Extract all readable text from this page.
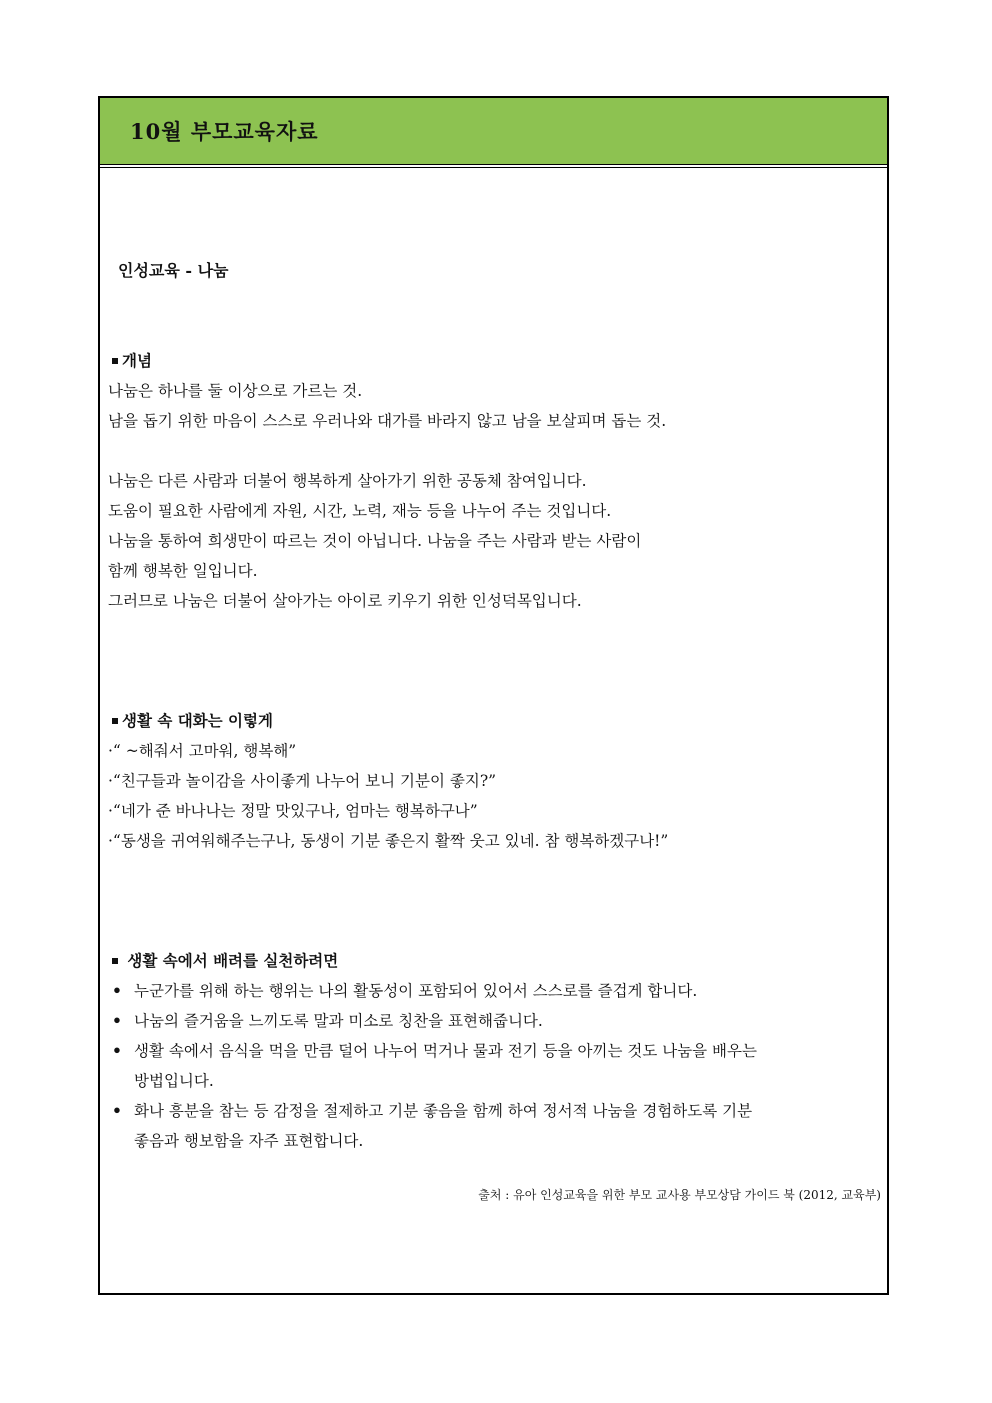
10월 부모교육자료
인성교육 - 나눔
개념
나눔은 하나를 둘 이상으로 가르는 것.
남을 돕기 위한 마음이 스스로 우러나와 대가를 바라지 않고 남을 보살피며 돕는 것.
나눔은 다른 사람과 더불어 행복하게 살아가기 위한 공동체 참여입니다.
도움이 필요한 사람에게 자원, 시간, 노력, 재능 등을 나누어 주는 것입니다.
나눔을 통하여 희생만이 따르는 것이 아닙니다. 나눔을 주는 사람과 받는 사람이
함께 행복한 일입니다.
그러므로 나눔은 더불어 살아가는 아이로 키우기 위한 인성덕목입니다.
생활 속 대화는 이렇게
·“ ~해줘서 고마워, 행복해”
·“친구들과 놀이감을 사이좋게 나누어 보니 기분이 좋지?”
·“네가 준 바나나는 정말 맛있구나, 엄마는 행복하구나”
·“동생을 귀여워해주는구나, 동생이 기분 좋은지 활짝 웃고 있네. 참 행복하겠구나!”
생활 속에서 배려를 실천하려면
• 누군가를 위해 하는 행위는 나의 활동성이 포함되어 있어서 스스로를 즐겁게 합니다.
• 나눔의 즐거움을 느끼도록 말과 미소로 칭찬을 표현해줍니다.
• 생활 속에서 음식을 먹을 만큼 덜어 나누어 먹거나 물과 전기 등을 아끼는 것도 나눔을 배우는
방법입니다.
• 화나 흥분을 참는 등 감정을 절제하고 기분 좋음을 함께 하여 정서적 나눔을 경험하도록 기분
좋음과 행보함을 자주 표현합니다.
출처 : 유아 인성교육을 위한 부모 교사용 부모상담 가이드 북 (2012, 교육부)
